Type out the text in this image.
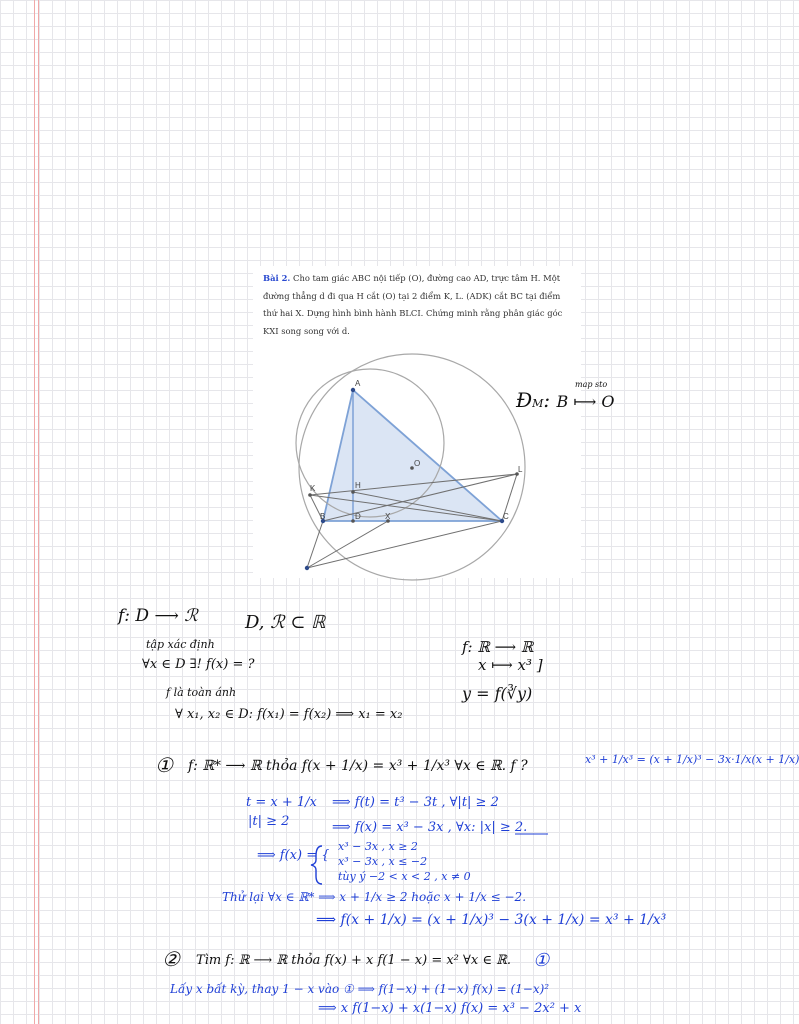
Bài 2. Cho tam giác ABC nội tiếp (O), đường cao AD, trực tâm H. Một đường thẳng d đi qua H cắt (O) tại 2 điểm K, L. (ADK) cắt BC tại điểm thứ hai X. Dựng hình bình hành BLCI. Chứng minh rằng phân giác góc KXI song song với d.
A
O
K	H
L
B	D	X	C
ĐM: B ⟼ O
map sto
f: D ⟶ ℛ	D, ℛ ⊂ ℝ
tập xác định
∀x ∈ D ∃! f(x) = ?
f: ℝ ⟶ ℝ
x ⟼ x³ ]
f là toàn ánh	y = f(∛y)
∀ x₁, x₂ ∈ D: f(x₁) = f(x₂) ⟹ x₁ = x₂
① f: ℝ* ⟶ ℝ thỏa f(x + 1/x) = x³ + 1/x³ ∀x ∈ ℝ. f ?	x³ + 1/x³ = (x + 1/x)³ − 3x·1/x(x + 1/x)
t = x + 1/x
|t| ≥ 2
⟹ f(t) = t³ − 3t , ∀|t| ≥ 2
⟹ f(x) = x³ − 3x , ∀x: |x| ≥ 2.
⟹ f(x) = {
x³ − 3x , x ≥ 2
x³ − 3x , x ≤ −2
tùy ý −2 < x < 2 , x ≠ 0
Thử lại ∀x ∈ ℝ* ⟹ x + 1/x ≥ 2 hoặc x + 1/x ≤ −2.
⟹ f(x + 1/x) = (x + 1/x)³ − 3(x + 1/x) = x³ + 1/x³
② Tìm f: ℝ ⟶ ℝ thỏa f(x) + x f(1 − x) = x² ∀x ∈ ℝ. ①
Lấy x bất kỳ, thay 1 − x vào ① ⟹ f(1−x) + (1−x) f(x) = (1−x)²
⟹ x f(1−x) + x(1−x) f(x) = x³ − 2x² + x
